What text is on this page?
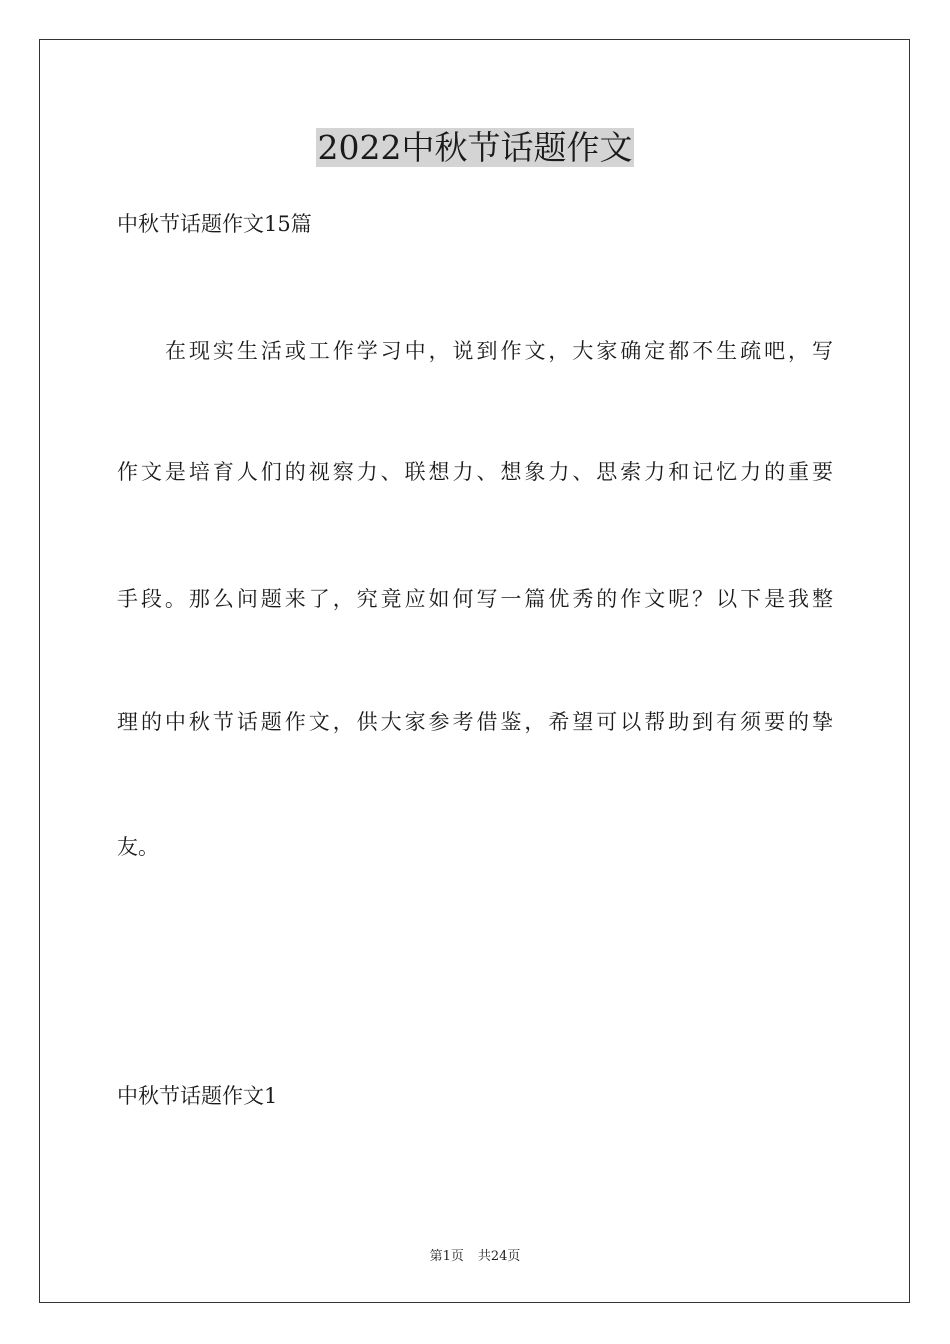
2022中秋节话题作文
中秋节话题作文15篇
在现实生活或工作学习中，说到作文，大家确定都不生疏吧，写
作文是培育人们的视察力、联想力、想象力、思索力和记忆力的重要
手段。那么问题来了，究竟应如何写一篇优秀的作文呢？以下是我整
理的中秋节话题作文，供大家参考借鉴，希望可以帮助到有须要的挚
友。
中秋节话题作文1
第1页 共24页
